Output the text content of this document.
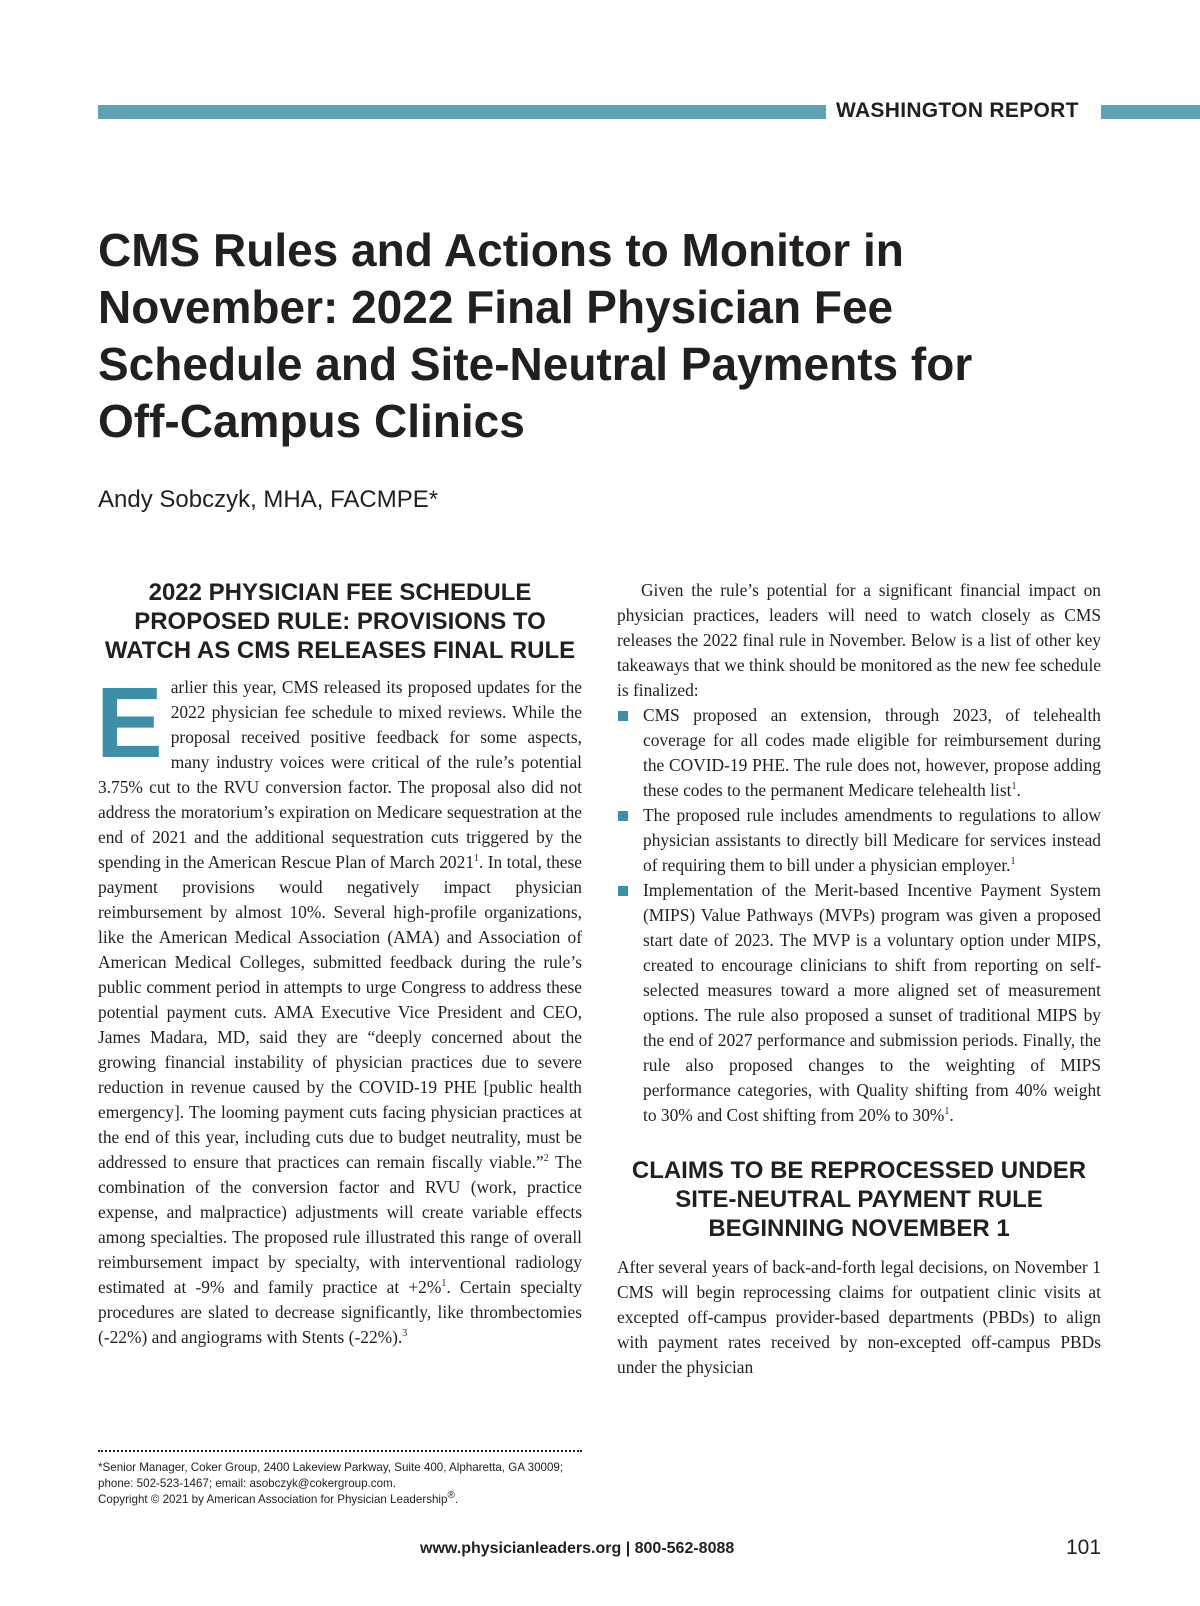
WASHINGTON REPORT
CMS Rules and Actions to Monitor in November: 2022 Final Physician Fee Schedule and Site-Neutral Payments for Off-Campus Clinics
Andy Sobczyk, MHA, FACMPE*
2022 PHYSICIAN FEE SCHEDULE PROPOSED RULE: PROVISIONS TO WATCH AS CMS RELEASES FINAL RULE

Earlier this year, CMS released its proposed updates for the 2022 physician fee schedule to mixed reviews. While the proposal received positive feedback for some aspects, many industry voices were critical of the rule’s potential 3.75% cut to the RVU conversion factor. The proposal also did not address the moratorium’s expiration on Medicare sequestration at the end of 2021 and the additional sequestration cuts triggered by the spending in the American Rescue Plan of March 2021$^1$. In total, these payment provisions would negatively impact physician reimbursement by almost 10%. Several high-profile organizations, like the American Medical Association (AMA) and Association of American Medical Colleges, submitted feedback during the rule’s public comment period in attempts to urge Congress to address these potential payment cuts. AMA Executive Vice President and CEO, James Madara, MD, said they are “deeply concerned about the growing financial instability of physician practices due to severe reduction in revenue caused by the COVID-19 PHE [public health emergency]. The looming payment cuts facing physician practices at the end of this year, including cuts due to budget neutrality, must be addressed to ensure that practices can remain fiscally viable.”$^2$ The combination of the conversion factor and RVU (work, practice expense, and malpractice) adjustments will create variable effects among specialties. The proposed rule illustrated this range of overall reimbursement impact by specialty, with interventional radiology estimated at -9% and family practice at +2%$^1$. Certain specialty procedures are slated to decrease significantly, like thrombectomies (-22%) and angiograms with Stents (-22%).$^3$

Given the rule’s potential for a significant financial impact on physician practices, leaders will need to watch closely as CMS releases the 2022 final rule in November. Below is a list of other key takeaways that we think should be monitored as the new fee schedule is finalized:

CMS proposed an extension, through 2023, of telehealth coverage for all codes made eligible for reimbursement during the COVID-19 PHE. The rule does not, however, propose adding these codes to the permanent Medicare telehealth list$^1$.
The proposed rule includes amendments to regulations to allow physician assistants to directly bill Medicare for services instead of requiring them to bill under a physician employer.$^1$
Implementation of the Merit-based Incentive Payment System (MIPS) Value Pathways (MVPs) program was given a proposed start date of 2023. The MVP is a voluntary option under MIPS, created to encourage clinicians to shift from reporting on self-selected measures toward a more aligned set of measurement options. The rule also proposed a sunset of traditional MIPS by the end of 2027 performance and submission periods. Finally, the rule also proposed changes to the weighting of MIPS performance categories, with Quality shifting from 40% weight to 30% and Cost shifting from 20% to 30%$^1$.
CLAIMS TO BE REPROCESSED UNDER SITE-NEUTRAL PAYMENT RULE BEGINNING NOVEMBER 1

After several years of back-and-forth legal decisions, on November 1 CMS will begin reprocessing claims for outpatient clinic visits at excepted off-campus provider-based departments (PBDs) to align with payment rates received by non-excepted off-campus PBDs under the physician

*Senior Manager, Coker Group, 2400 Lakeview Parkway, Suite 400, Alpharetta, GA 30009; phone: 502-523-1467; email: asobczyk@cokergroup.com.
Copyright © 2021 by American Association for Physician Leadership®.
www.physicianleaders.org | 800-562-8088	101
